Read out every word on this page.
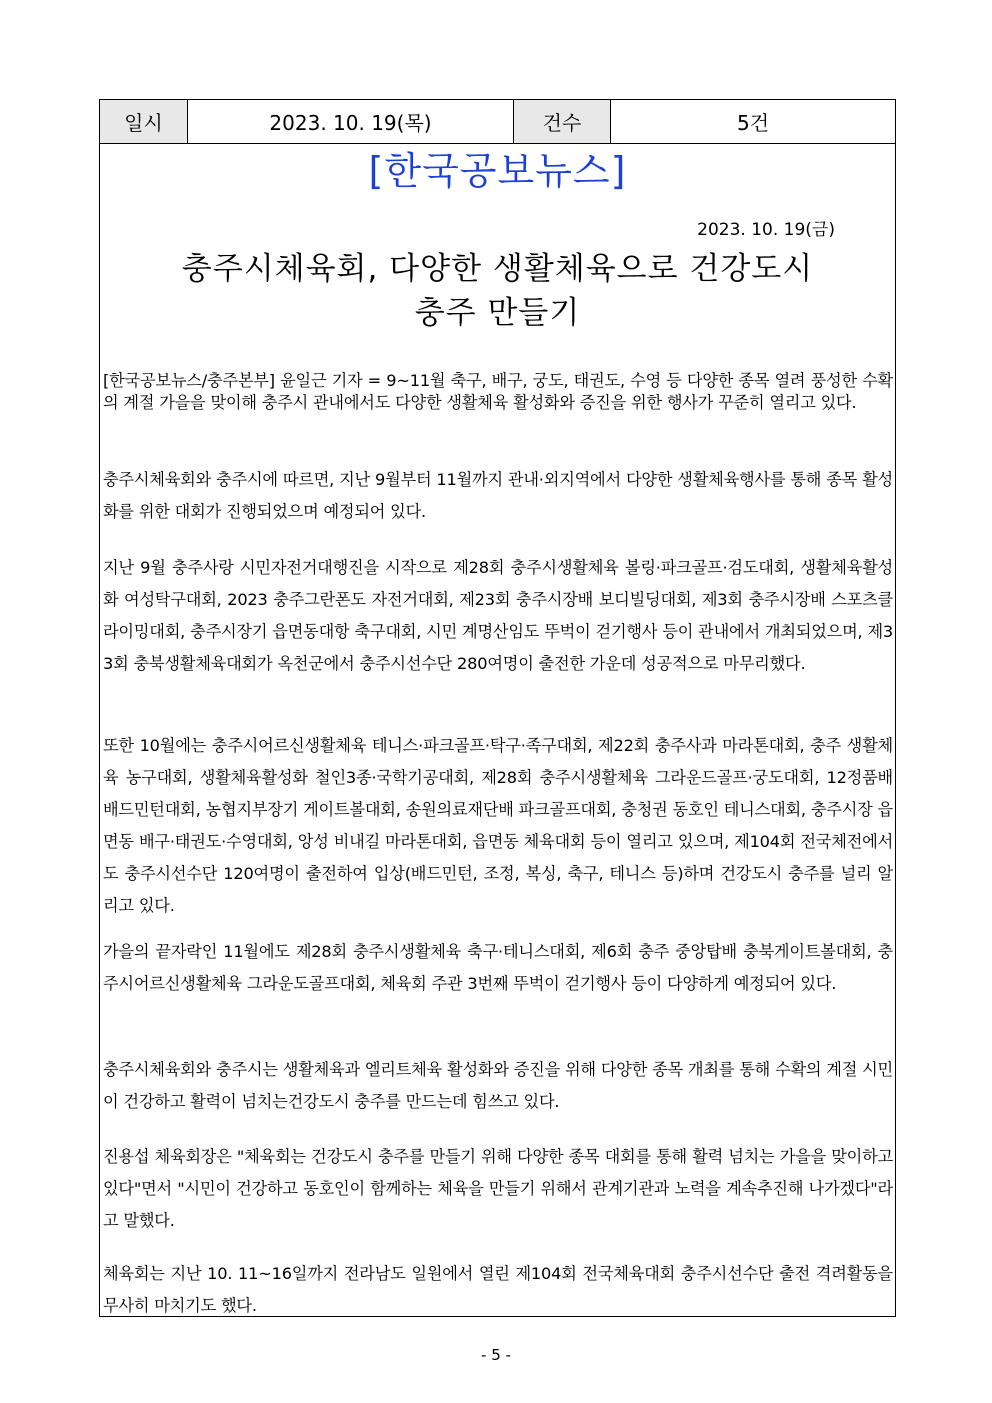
일시	2023. 10. 19(목)	건수	5건
[한국공보뉴스]
2023. 10. 19(금)
충주시체육회, 다양한 생활체육으로 건강도시
충주 만들기
[한국공보뉴스/충주본부] 윤일근 기자 = 9~11월 축구, 배구, 궁도, 태권도, 수영 등 다양한 종목 열려 풍성한 수확의 계절 가을을 맞이해 충주시 관내에서도 다양한 생활체육 활성화와 증진을 위한 행사가 꾸준히 열리고 있다.
충주시체육회와 충주시에 따르면, 지난 9월부터 11월까지 관내·외지역에서 다양한 생활체육행사를 통해 종목 활성화를 위한 대회가 진행되었으며 예정되어 있다.
지난 9월 충주사랑 시민자전거대행진을 시작으로 제28회 충주시생활체육 볼링·파크골프·검도대회, 생활체육활성화 여성탁구대회, 2023 충주그란폰도 자전거대회, 제23회 충주시장배 보디빌딩대회, 제3회 충주시장배 스포츠클라이밍대회, 충주시장기 읍면동대항 축구대회, 시민 계명산임도 뚜벅이 걷기행사 등이 관내에서 개최되었으며, 제33회 충북생활체육대회가 옥천군에서 충주시선수단 280여명이 출전한 가운데 성공적으로 마무리했다.
또한 10월에는 충주시어르신생활체육 테니스·파크골프·탁구·족구대회, 제22회 충주사과 마라톤대회, 충주 생활체육 농구대회, 생활체육활성화 철인3종·국학기공대회, 제28회 충주시생활체육 그라운드골프·궁도대회, 12정품배 배드민턴대회, 농협지부장기 게이트볼대회, 송원의료재단배 파크골프대회, 충청권 동호인 테니스대회, 충주시장 읍면동 배구·태권도·수영대회, 앙성 비내길 마라톤대회, 읍면동 체육대회 등이 열리고 있으며, 제104회 전국체전에서도 충주시선수단 120여명이 출전하여 입상(배드민턴, 조정, 복싱, 축구, 테니스 등)하며 건강도시 충주를 널리 알리고 있다.
가을의 끝자락인 11월에도 제28회 충주시생활체육 축구·테니스대회, 제6회 충주 중앙탑배 충북게이트볼대회, 충주시어르신생활체육 그라운도골프대회, 체육회 주관 3번째 뚜벅이 걷기행사 등이 다양하게 예정되어 있다.
충주시체육회와 충주시는 생활체육과 엘리트체육 활성화와 증진을 위해 다양한 종목 개최를 통해 수확의 계절 시민이 건강하고 활력이 넘치는건강도시 충주를 만드는데 힘쓰고 있다.
진용섭 체육회장은 "체육회는 건강도시 충주를 만들기 위해 다양한 종목 대회를 통해 활력 넘치는 가을을 맞이하고 있다"면서 "시민이 건강하고 동호인이 함께하는 체육을 만들기 위해서 관계기관과 노력을 계속추진해 나가겠다"라고 말했다.
체육회는 지난 10. 11~16일까지 전라남도 일원에서 열린 제104회 전국체육대회 충주시선수단 출전 격려활동을 무사히 마치기도 했다.
- 5 -
